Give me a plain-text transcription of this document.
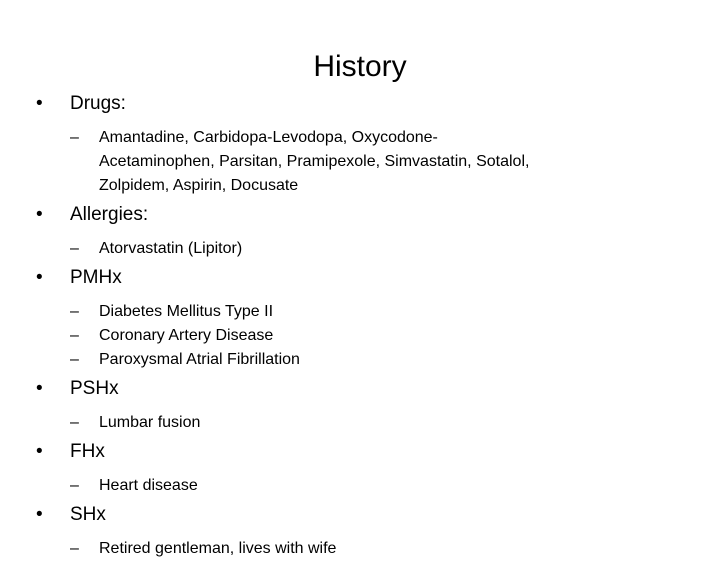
History
•	Drugs:
– Amantadine, Carbidopa-Levodopa, Oxycodone-Acetaminophen, Parsitan, Pramipexole, Simvastatin, Sotalol, Zolpidem, Aspirin, Docusate
•	Allergies:
– Atorvastatin (Lipitor)
•	PMHx
– Diabetes Mellitus Type II
– Coronary Artery Disease
– Paroxysmal Atrial Fibrillation
•	PSHx
– Lumbar fusion
•	FHx
– Heart disease
•	SHx
– Retired gentleman, lives with wife
